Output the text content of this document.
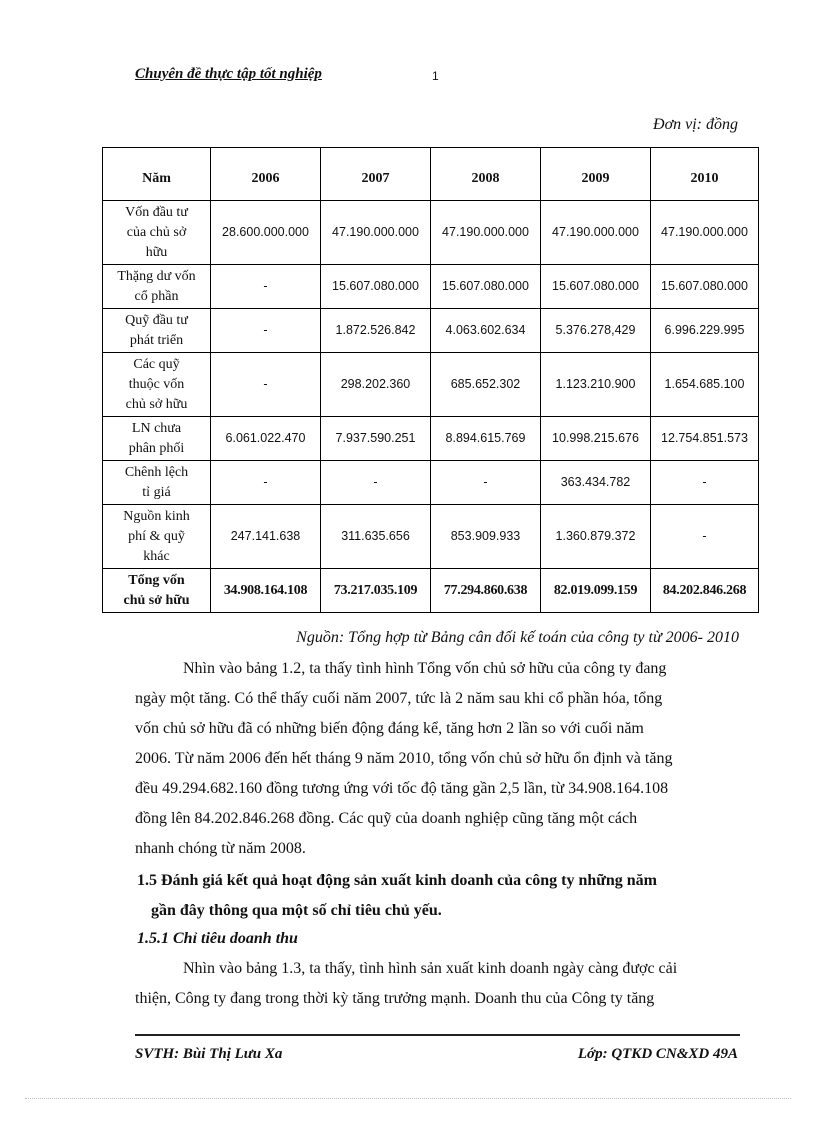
Chuyên đề thực tập tốt nghiệp	1
Đơn vị: đồng
Năm	2006	2007	2008	2009	2010

Vốn đầu tư
của chủ sở
hữu	28.600.000.000	47.190.000.000	47.190.000.000	47.190.000.000	47.190.000.000

Thặng dư vốn
cổ phần	-	15.607.080.000	15.607.080.000	15.607.080.000	15.607.080.000

Quỹ đầu tư
phát triển	-	1.872.526.842	4.063.602.634	5.376.278,429	6.996.229.995

Các quỹ
thuộc vốn
chủ sở hữu	-	298.202.360	685.652.302	1.123.210.900	1.654.685.100

LN chưa
phân phối	6.061.022.470	7.937.590.251	8.894.615.769	10.998.215.676	12.754.851.573

Chênh lệch
tỉ giá	-	-	-	363.434.782	-

Nguồn kinh
phí & quỹ
khác	247.141.638	311.635.656	853.909.933	1.360.879.372	-

Tổng vốn
chủ sở hữu	34.908.164.108	73.217.035.109	77.294.860.638	82.019.099.159	84.202.846.268
Nguồn: Tổng hợp từ Bảng cân đối kế toán của công ty từ 2006- 2010
Nhìn vào bảng 1.2, ta thấy tình hình Tổng vốn chủ sở hữu của công ty đang
ngày một tăng. Có thể thấy cuối năm 2007, tức là 2 năm sau khi cổ phần hóa, tổng
vốn chủ sở hữu đã có những biến động đáng kể, tăng hơn 2 lần so với cuối năm
2006. Từ năm 2006 đến hết tháng 9 năm 2010, tổng vốn chủ sở hữu ổn định và tăng
đều 49.294.682.160 đồng tương ứng với tốc độ tăng gần 2,5 lần, từ 34.908.164.108
đồng lên 84.202.846.268 đồng. Các quỹ của doanh nghiệp cũng tăng một cách
nhanh chóng từ năm 2008.
1.5 Đánh giá kết quả hoạt động sản xuất kinh doanh của công ty những năm
gần đây thông qua một số chỉ tiêu chủ yếu.
1.5.1 Chỉ tiêu doanh thu
Nhìn vào bảng 1.3, ta thấy, tình hình sản xuất kinh doanh ngày càng được cải
thiện, Công ty đang trong thời kỳ tăng trưởng mạnh. Doanh thu của Công ty tăng
SVTH: Bùi Thị Lưu Xa	Lớp: QTKD CN&XD 49A
